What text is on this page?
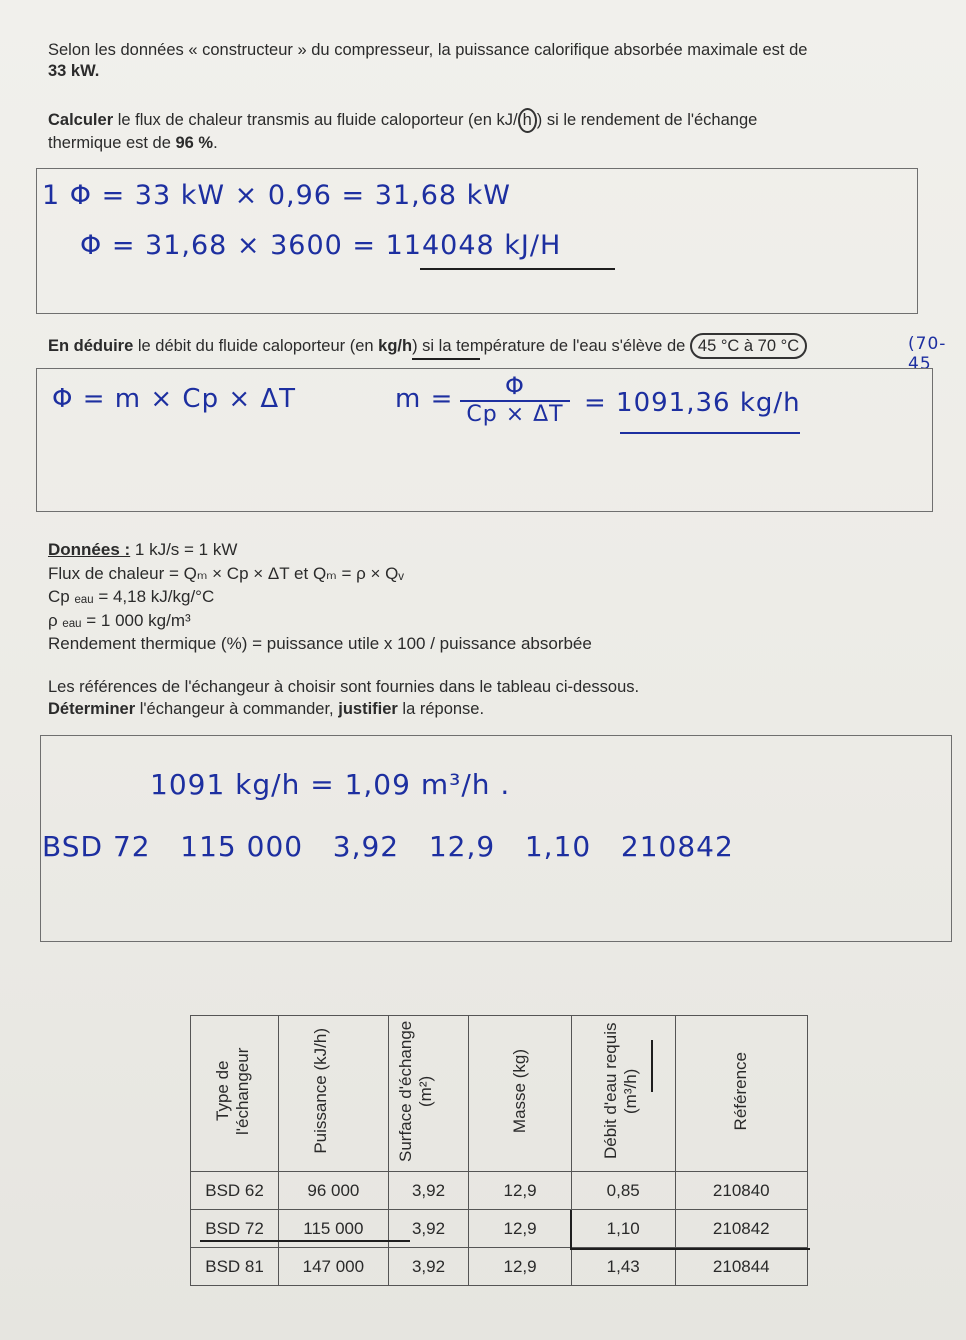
Selon les données « constructeur » du compresseur, la puissance calorifique absorbée maximale est de
33 kW.
Calculer le flux de chaleur transmis au fluide caloporteur (en kJ/ h ) si le rendement de l'échange
thermique est de 96 %.
1 Φ = 33 kW × 0,96 = 31,68 kW
Φ = 31,68 × 3600 = 114048 kJ/H
En déduire le débit du fluide caloporteur (en kg/h) si la température de l'eau s'élève de 45 °C à 70 °C	(70-45
Φ = m × Cp × ΔT	$m = \frac{\Phi}{Cp \times \Delta T} = 1091,36$ kg/h
Données : 1 kJ/s = 1 kW
Flux de chaleur = Qₘ × Cp × ΔT et Qₘ = ρ × Qᵥ
Cp ₑₐᵤ = 4,18 kJ/kg/°C
ρ ₑₐᵤ = 1 000 kg/m³
Rendement thermique (%) = puissance utile x 100 / puissance absorbée
Les références de l'échangeur à choisir sont fournies dans le tableau ci-dessous.
Déterminer l'échangeur à commander, justifier la réponse.
1091 kg/h = 1,09 m³/h .
BSD 72   115 000   3,92   12,9   1,10   210842
Type de l'échangeur	Puissance (kJ/h)	Surface d'échange (m²)	Masse (kg)	Débit d'eau requis (m³/h)	Référence
BSD 62	96 000	3,92	12,9	0,85	210840
BSD 72	115 000	3,92	12,9	1,10	210842
BSD 81	147 000	3,92	12,9	1,43	210844
